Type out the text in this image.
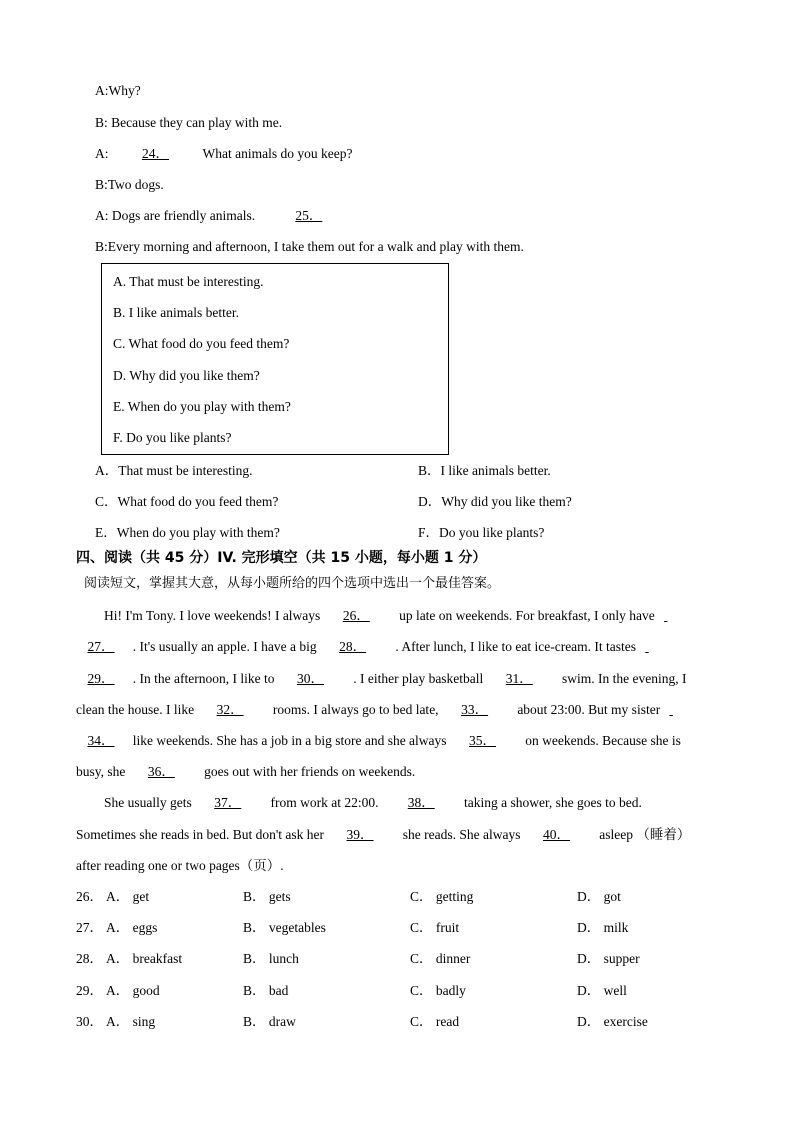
A:Why?
B: Because they can play with me.
A: 24． What animals do you keep?
B:Two dogs.
A: Dogs are friendly animals.	25．
B:Every morning and afternoon, I take them out for a walk and play with them.
A. That must be interesting.
B. I like animals better.
C. What food do you feed them?
D. Why did you like them?
E. When do you play with them?
F. Do you like plants?
A．That must be interesting.	B．I like animals better.
C．What food do you feed them?	D．Why did you like them?
E．When do you play with them?	F．Do you like plants?
四、阅读（共 45 分）IV. 完形填空（共 15 小题，每小题 1 分）
阅读短文，掌握其大意，从每小题所给的四个选项中选出一个最佳答案。
Hi! I'm Tony. I love weekends! I always 26． up late on weekends. For breakfast, I only have
27． . It's usually an apple. I have a big 28． . After lunch, I like to eat ice-cream. It tastes
29． . In the afternoon, I like to 30． . I either play basketball 31． swim. In the evening, I
clean the house. I like 32． rooms. I always go to bed late, 33． about 23:00. But my sister
34． like weekends. She has a job in a big store and she always 35． on weekends. Because she is
busy, she 36． goes out with her friends on weekends.
She usually gets 37． from work at 22:00. 38． taking a shower, she goes to bed.
Sometimes she reads in bed. But don't ask her 39． she reads. She always 40． asleep （睡着）
after reading one or two pages（页）.
26． A． get	B． gets	C． getting	D． got
27． A． eggs	B． vegetables	C． fruit	D． milk
28． A． breakfast	B． lunch	C． dinner	D． supper
29． A． good	B． bad	C． badly	D． well
30． A． sing	B． draw	C． read	D． exercise
